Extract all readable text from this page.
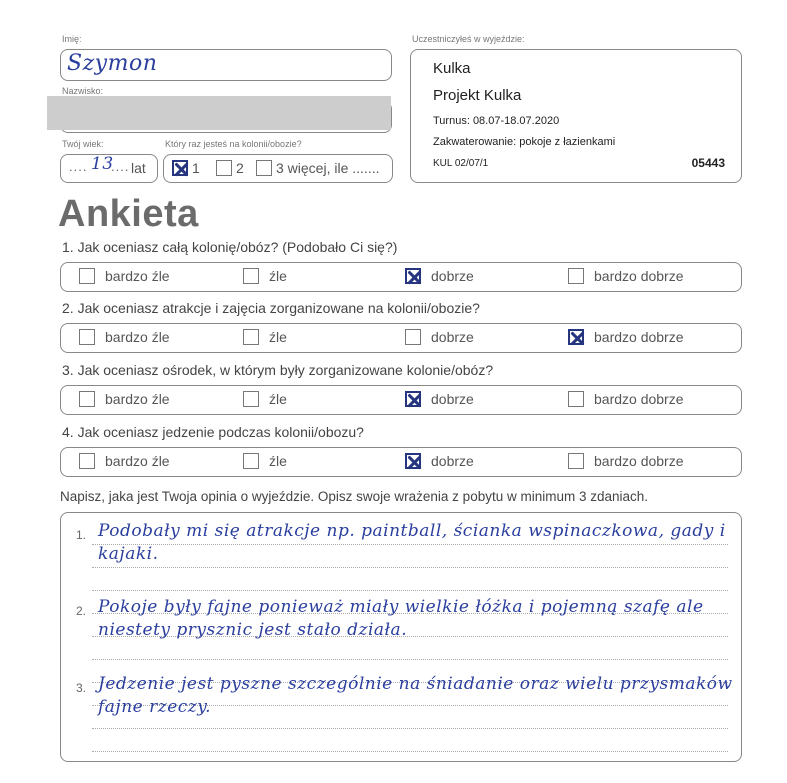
Imię:
Szymon
Nazwisko:
Twój wiek:
.... 13
.... lat
Który raz jesteś na kolonii/obozie?
1	2 3 więcej, ile .......
Uczestniczyłeś w wyjeździe:
Kulka
Projekt Kulka
Turnus: 08.07-18.07.2020
Zakwaterowanie: pokoje z łazienkami
KUL 02/07/1	05443
Ankieta
1. Jak oceniasz całą kolonię/obóz? (Podobało Ci się?)
bardzo źle	źle	dobrze	bardzo dobrze
2. Jak oceniasz atrakcje i zajęcia zorganizowane na kolonii/obozie?
bardzo źle	źle	dobrze	bardzo dobrze
3. Jak oceniasz ośrodek, w którym były zorganizowane kolonie/obóz?
bardzo źle	źle	dobrze	bardzo dobrze
4. Jak oceniasz jedzenie podczas kolonii/obozu?
bardzo źle	źle	dobrze	bardzo dobrze
Napisz, jaka jest Twoja opinia o wyjeździe. Opisz swoje wrażenia z pobytu w minimum 3 zdaniach.
1. Podobały mi się atrakcje np. paintball, ścianka wspinaczkowa, gady i kajaki.
2. Pokoje były fajne ponieważ miały wielkie łóżka i pojemną szafę ale niestety prysznic jest stało działa.
3. Jedzenie jest pyszne szczególnie na śniadanie oraz wielu przysmaków fajne rzeczy.
